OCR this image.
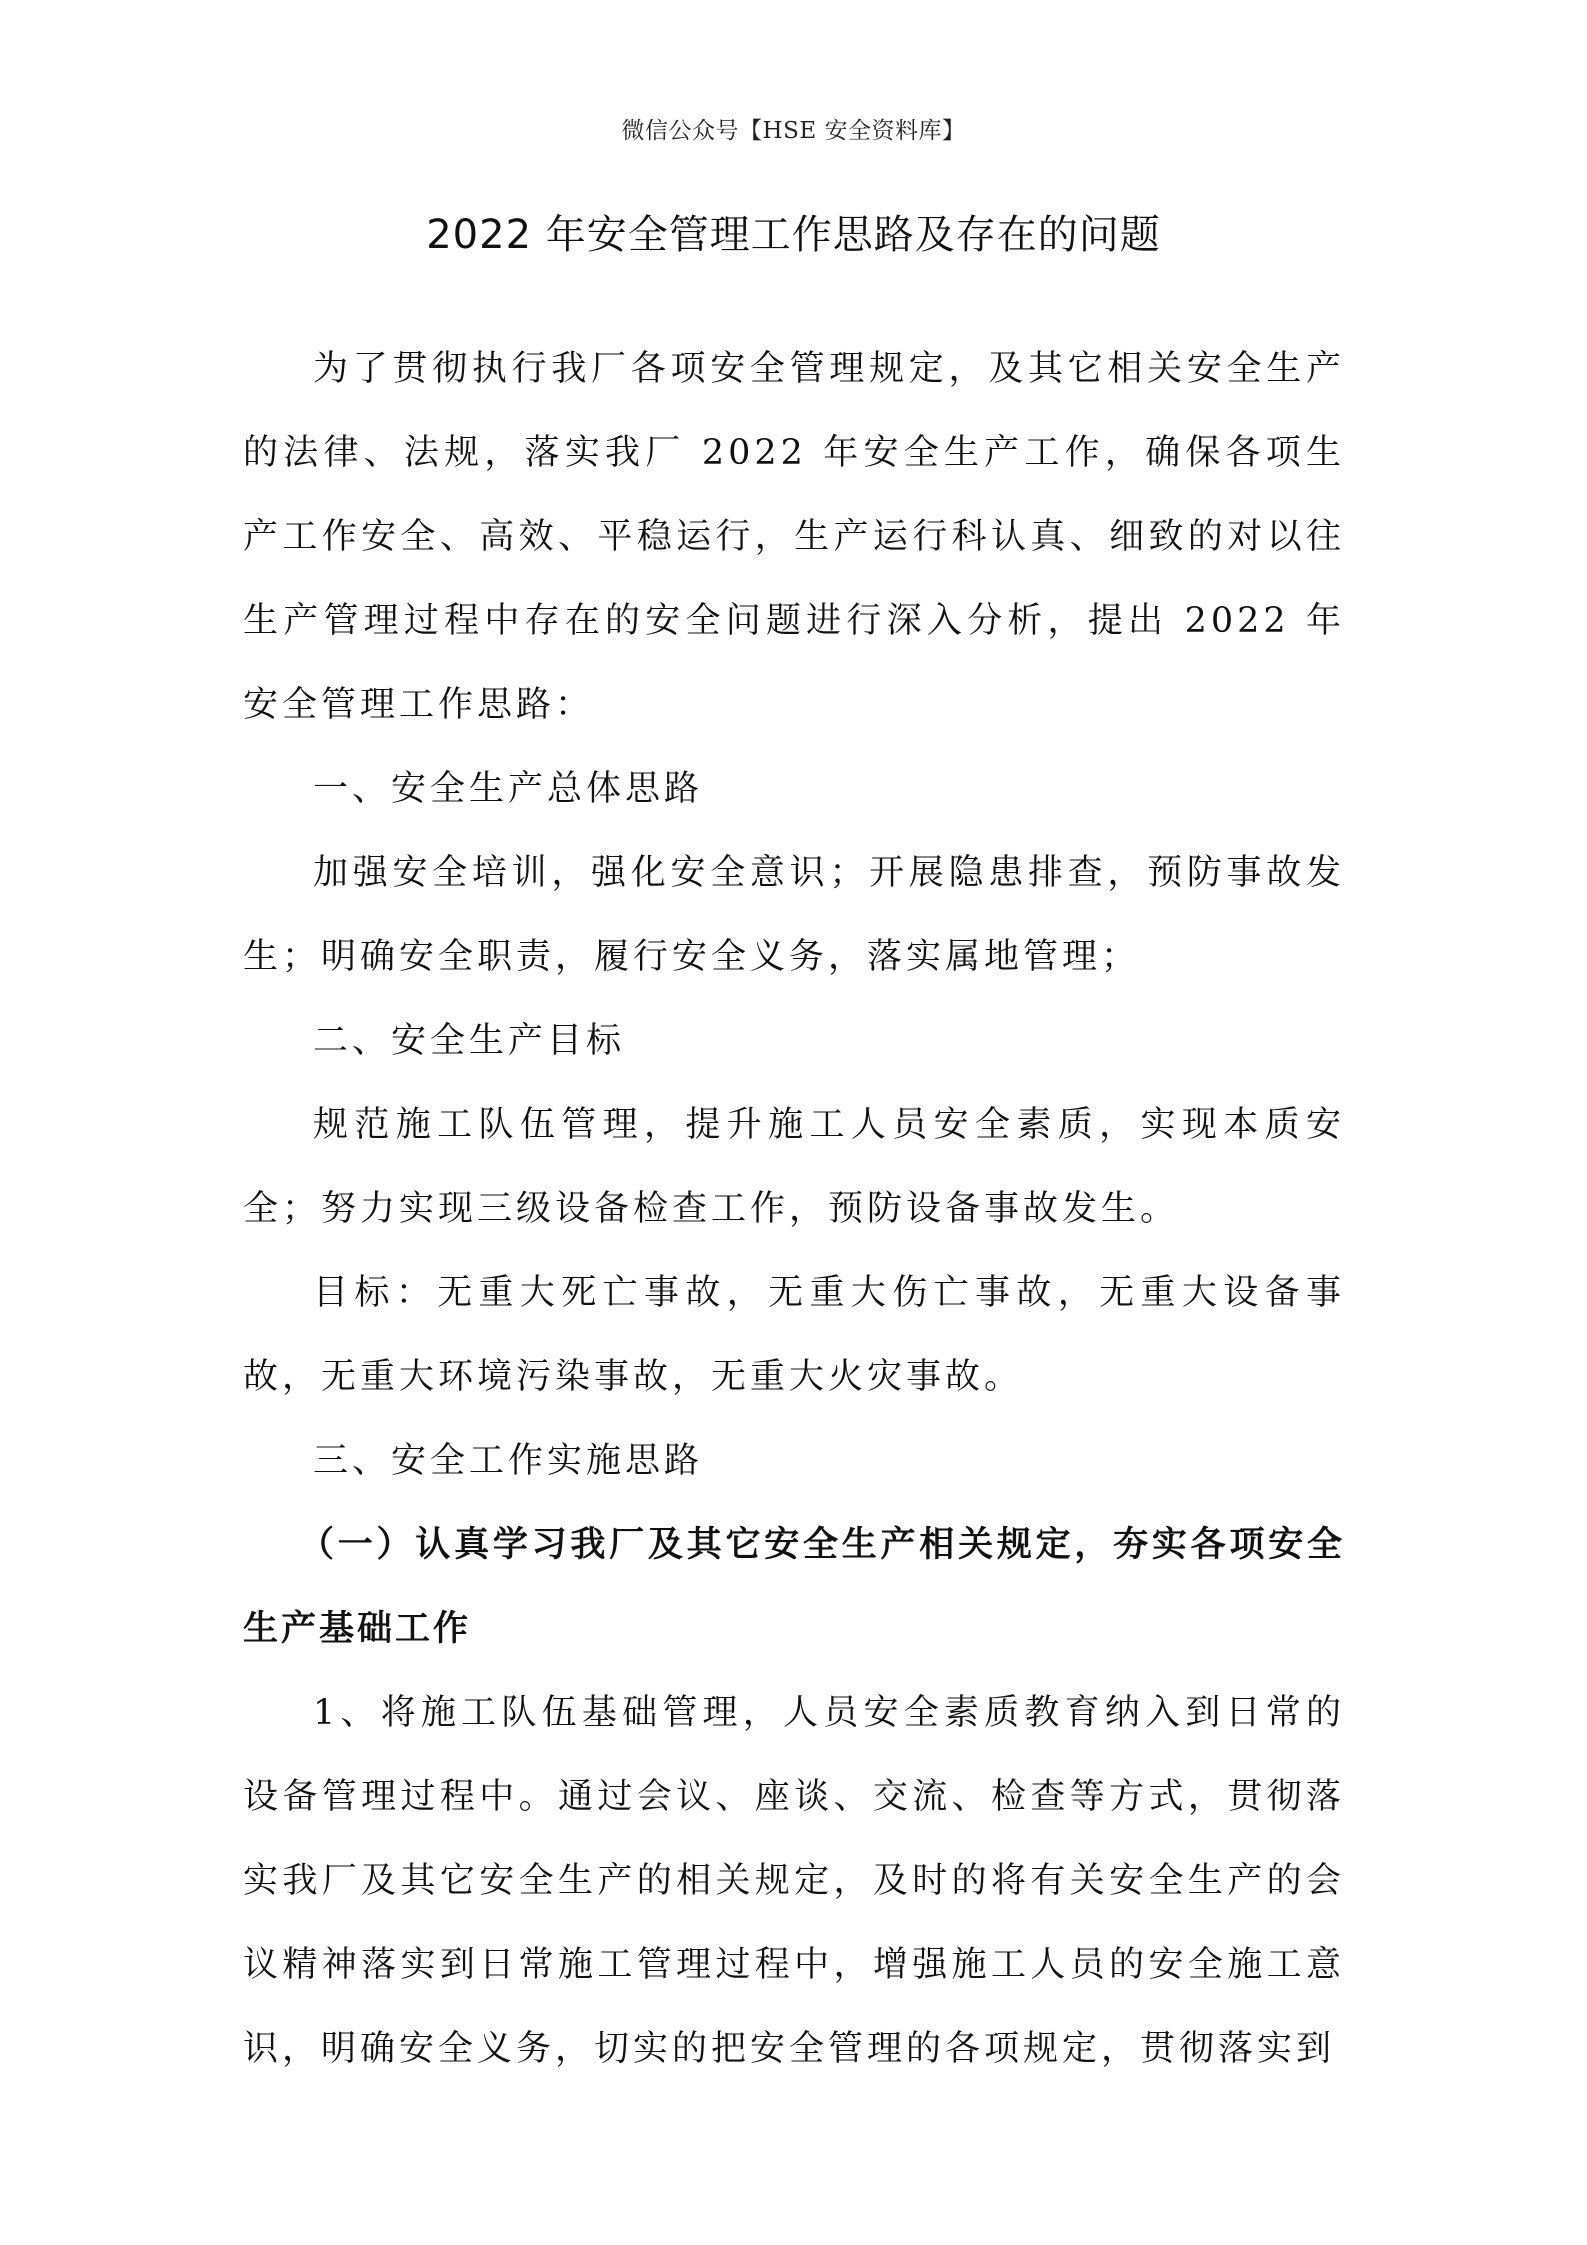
微信公众号【HSE 安全资料库】
2022 年安全管理工作思路及存在的问题

为了贯彻执行我厂各项安全管理规定，及其它相关安全生产的法律、法规，落实我厂 2022 年安全生产工作，确保各项生产工作安全、高效、平稳运行，生产运行科认真、细致的对以往生产管理过程中存在的安全问题进行深入分析，提出 2022 年安全管理工作思路：

一、安全生产总体思路

加强安全培训，强化安全意识；开展隐患排查，预防事故发生；明确安全职责，履行安全义务，落实属地管理；

二、安全生产目标

规范施工队伍管理，提升施工人员安全素质，实现本质安全；努力实现三级设备检查工作，预防设备事故发生。

目标：无重大死亡事故，无重大伤亡事故，无重大设备事故，无重大环境污染事故，无重大火灾事故。

三、安全工作实施思路

（一）认真学习我厂及其它安全生产相关规定，夯实各项安全生产基础工作

1、将施工队伍基础管理，人员安全素质教育纳入到日常的设备管理过程中。通过会议、座谈、交流、检查等方式，贯彻落实我厂及其它安全生产的相关规定，及时的将有关安全生产的会议精神落实到日常施工管理过程中，增强施工人员的安全施工意识，明确安全义务，切实的把安全管理的各项规定，贯彻落实到
